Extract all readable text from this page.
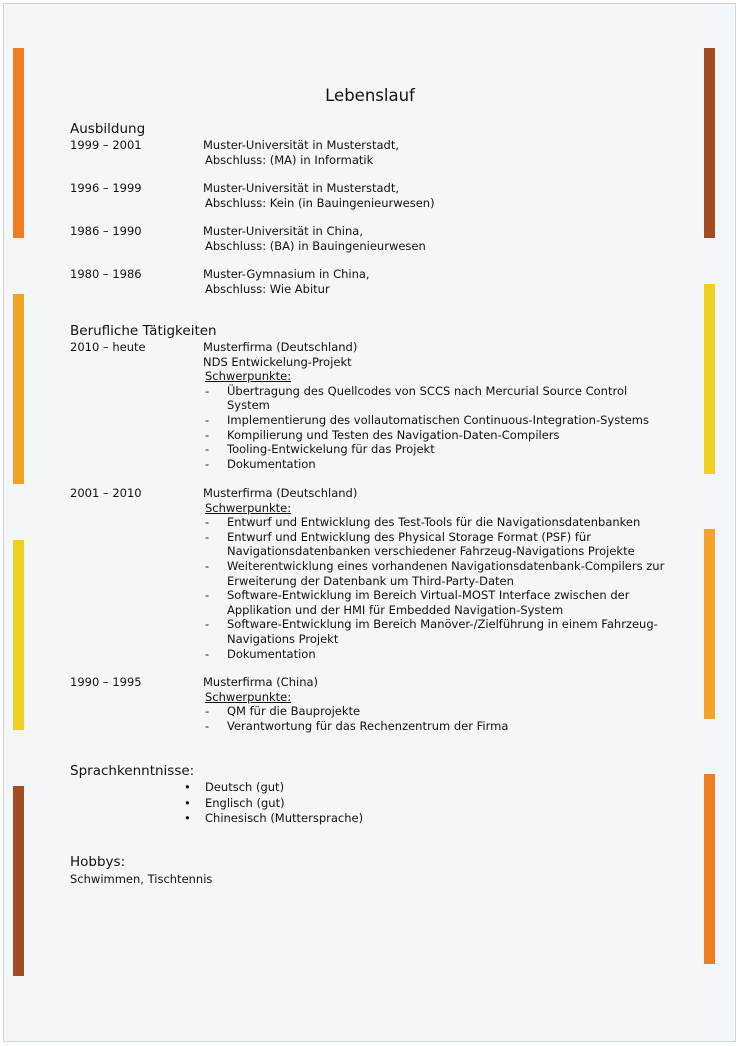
Lebenslauf
Ausbildung
1999 – 2001	Muster-Universität in Musterstadt,
Abschluss: (MA) in Informatik
1996 – 1999	Muster-Universität in Musterstadt,
Abschluss: Kein (in Bauingenieurwesen)
1986 – 1990	Muster-Universität in China,
Abschluss: (BA) in Bauingenieurwesen
1980 – 1986	Muster-Gymnasium in China,
Abschluss: Wie Abitur
Berufliche Tätigkeiten
2010 – heute	Musterfirma (Deutschland)
NDS Entwickelung-Projekt
Schwerpunkte:
- Übertragung des Quellcodes von SCCS nach Mercurial Source Control System
- Implementierung des vollautomatischen Continuous-Integration-Systems
- Kompilierung und Testen des Navigation-Daten-Compilers
- Tooling-Entwickelung für das Projekt
- Dokumentation
2001 – 2010	Musterfirma (Deutschland)
Schwerpunkte:
- Entwurf und Entwicklung des Test-Tools für die Navigationsdatenbanken
- Entwurf und Entwicklung des Physical Storage Format (PSF) für Navigationsdatenbanken verschiedener Fahrzeug-Navigations Projekte
- Weiterentwicklung eines vorhandenen Navigationsdatenbank-Compilers zur Erweiterung der Datenbank um Third-Party-Daten
- Software-Entwicklung im Bereich Virtual-MOST Interface zwischen der Applikation und der HMI für Embedded Navigation-System
- Software-Entwicklung im Bereich Manöver-/Zielführung in einem Fahrzeug-Navigations Projekt
- Dokumentation
1990 – 1995	Musterfirma (China)
Schwerpunkte:
- QM für die Bauprojekte
- Verantwortung für das Rechenzentrum der Firma
Sprachkenntnisse:
• Deutsch (gut)
• Englisch (gut)
• Chinesisch (Muttersprache)
Hobbys:
Schwimmen, Tischtennis
